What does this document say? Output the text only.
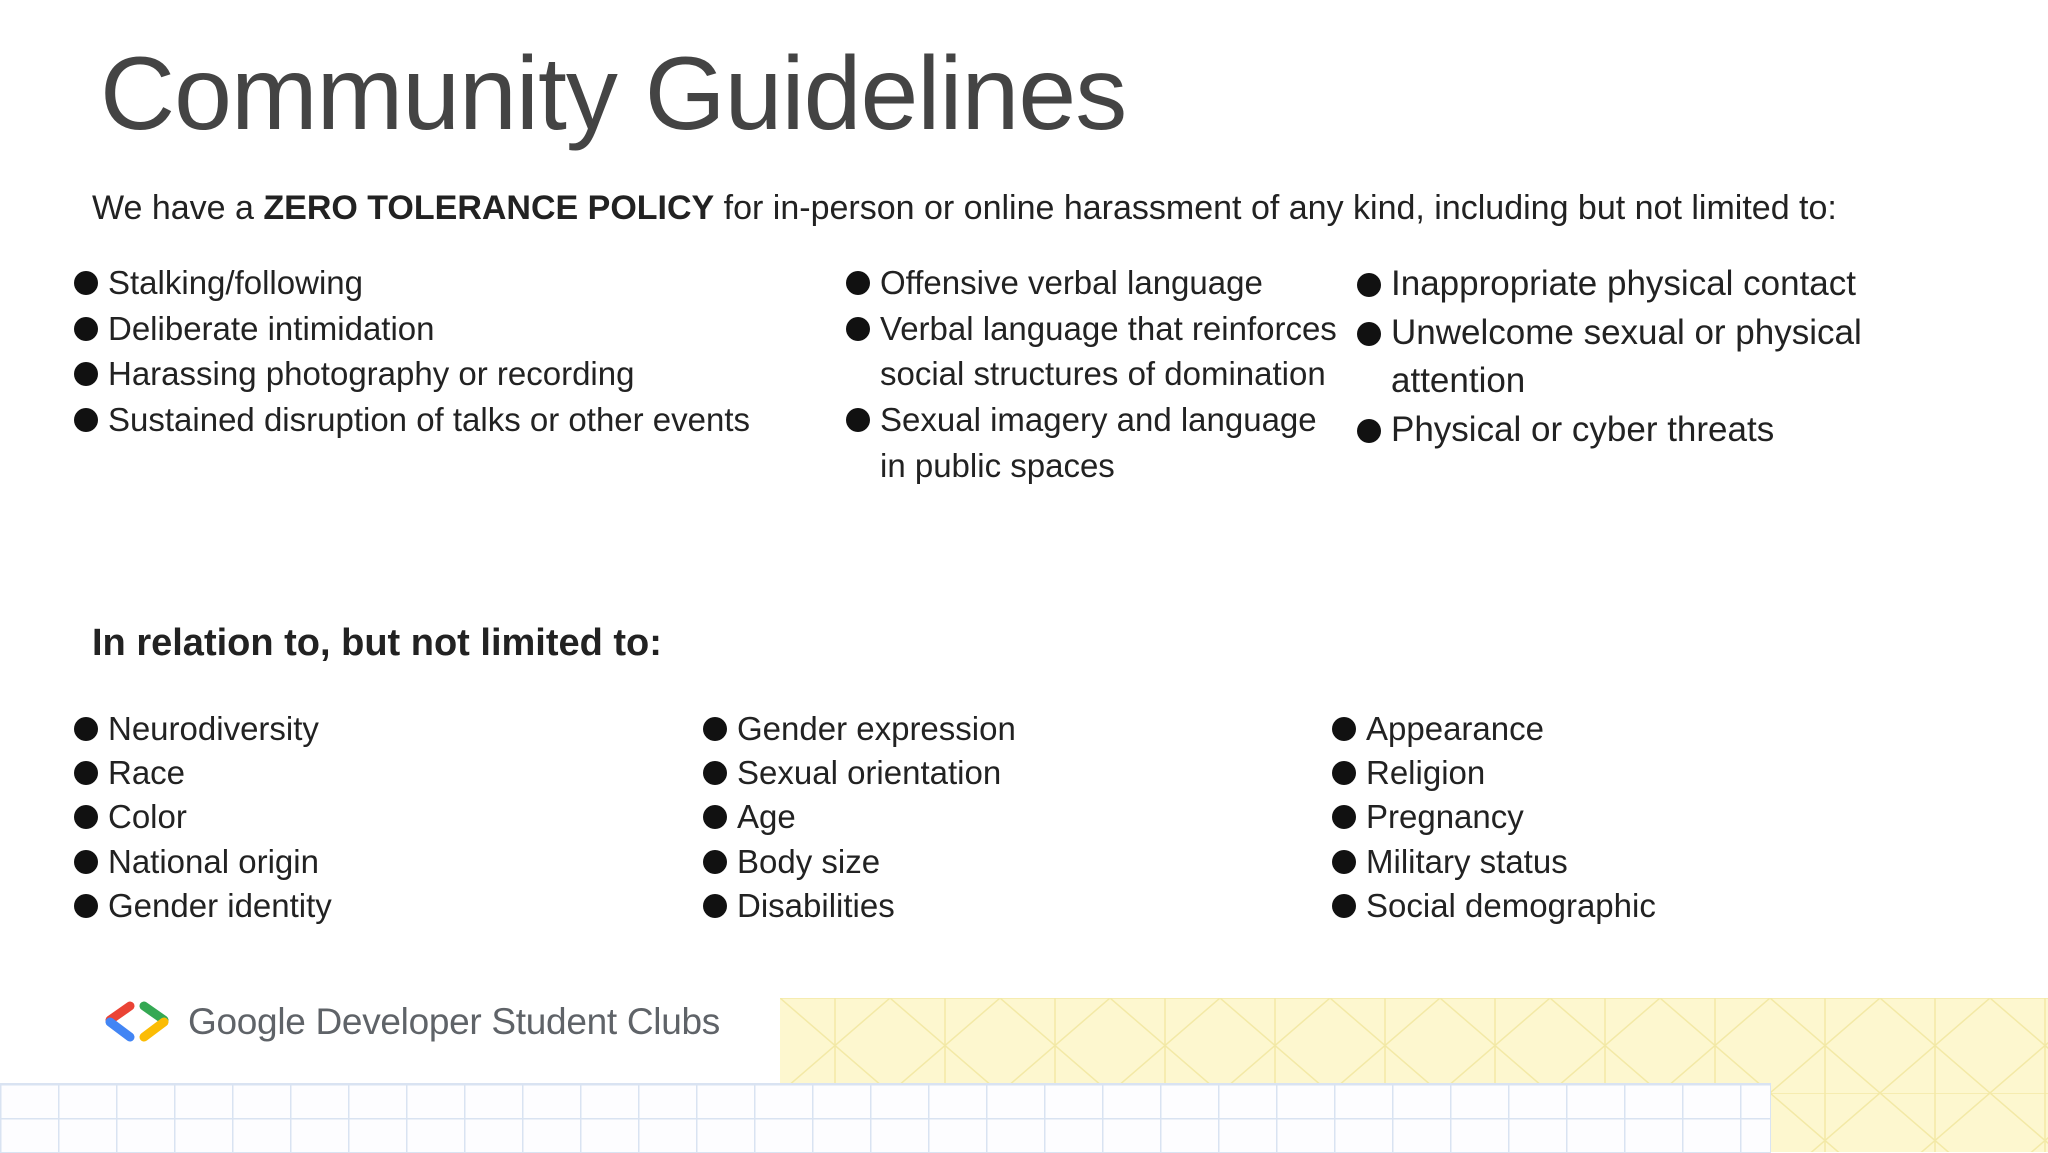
Community Guidelines
We have a ZERO TOLERANCE POLICY for in-person or online harassment of any kind, including but not limited to:
Stalking/following
Deliberate intimidation
Harassing photography or recording
Sustained disruption of talks or other events
Offensive verbal language
Verbal language that reinforces social structures of domination
Sexual imagery and language in public spaces
Inappropriate physical contact
Unwelcome sexual or physical attention
Physical or cyber threats
In relation to, but not limited to:
Neurodiversity
Race
Color
National origin
Gender identity
Gender expression
Sexual orientation
Age
Body size
Disabilities
Appearance
Religion
Pregnancy
Military status
Social demographic
Google Developer Student Clubs
